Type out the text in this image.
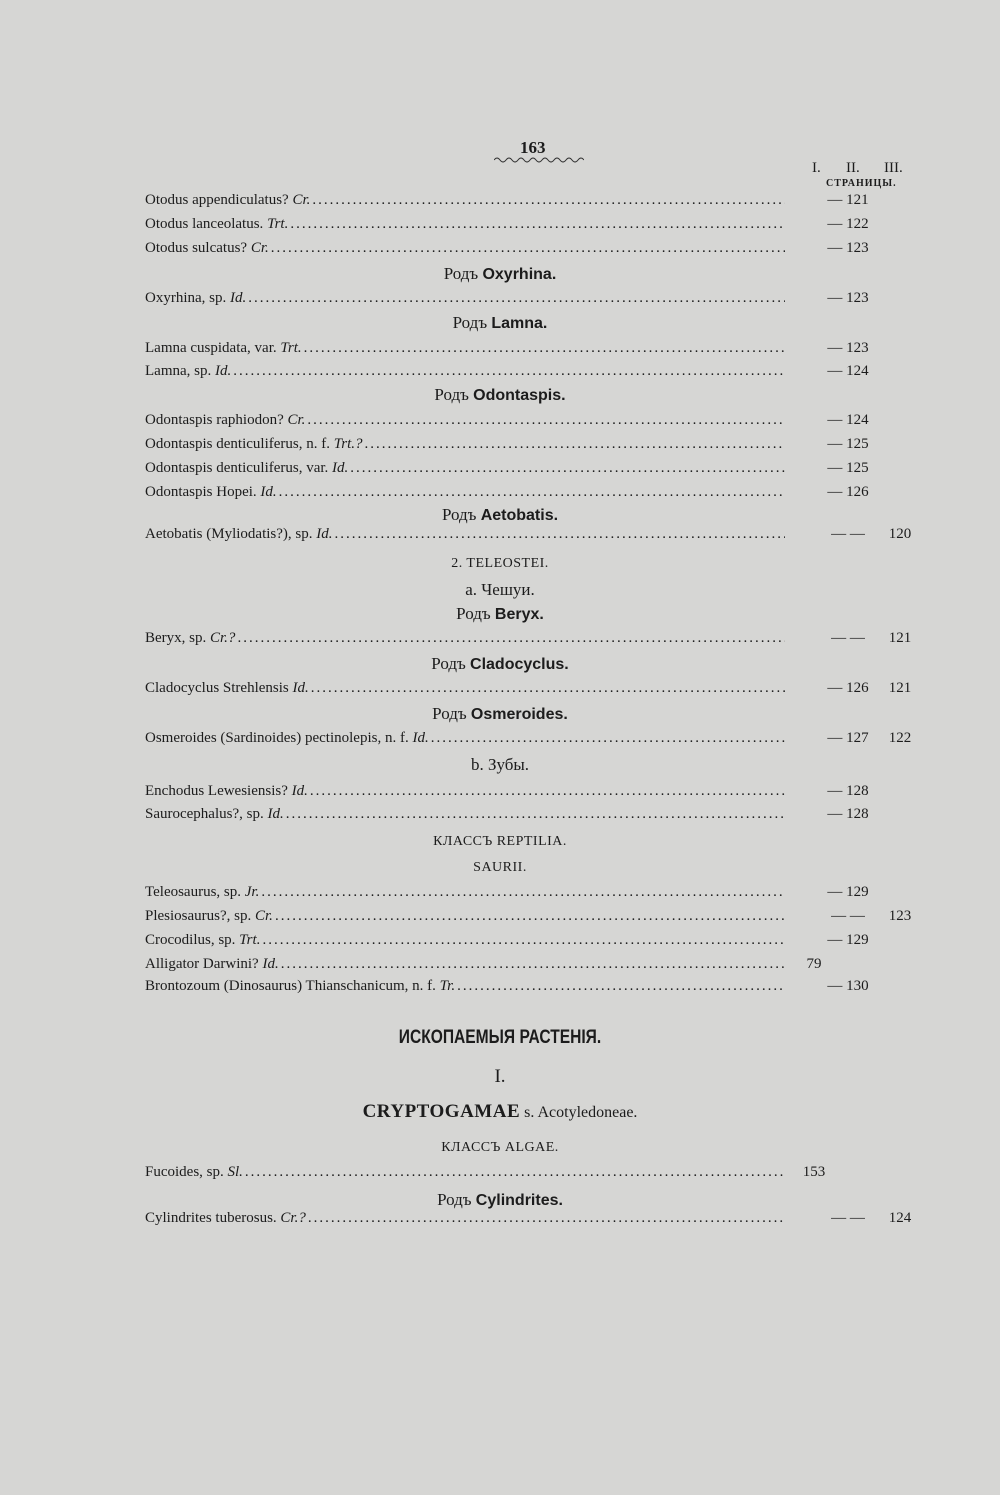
163
I. II. III.
СТРАНИЦЫ.
Родъ Oxyrhina.
Родъ Lamna.
Родъ Odontaspis.
Родъ Aetobatis.
2. TELEOSTEI.
a. Чешуи.
Родъ Beryx.
Родъ Cladocyclus.
Родъ Osmeroides.
b. Зубы.
КЛАССЪ REPTILIA.
SAURII.
ИСКОПАЕМЫЯ РАСТЕНІЯ.
I.
CRYPTOGAMAE s. Acotyledoneae.
КЛАССЪ ALGAE.
Родъ Cylindrites.
Otodus appendiculatus? Cr. .....	— 121
Otodus lanceolatus. Trt. .....	— 122
Otodus sulcatus? Cr. .....	— 123
Oxyrhina, sp. Id. .....	— 123
Lamna cuspidata, var. Trt. .....	— 123
Lamna, sp. Id. .....	— 124
Odontaspis raphiodon? Cr. .....	— 124
Odontaspis denticuliferus, n. f. Trt.? .....	— 125
Odontaspis denticuliferus, var. Id. .....	— 125
Odontaspis Hopei. Id. .....	— 126
Aetobatis (Myliodatis?), sp. Id. .....	— —	120
Beryx, sp. Cr.? .....	— —	121
Cladocyclus Strehlensis Id. .....	— 126	121
Osmeroides (Sardinoides) pectinolepis, n. f. Id. .....	— 127	122
Enchodus Lewesiensis? Id. .....	— 128
Saurocephalus?, sp. Id. .....	— 128
Teleosaurus, sp. Jr. .....	— 129
Plesiosaurus?, sp. Cr. .....	— —	123
Crocodilus, sp. Trt. .....	— 129
Alligator Darwini? Id. .....	79
Brontozoum (Dinosaurus) Thianschanicum, n. f. Tr. .....	— 130
Fucoides, sp. Sl. .....	153
Cylindrites tuberosus. Cr.? .....	— —	124
